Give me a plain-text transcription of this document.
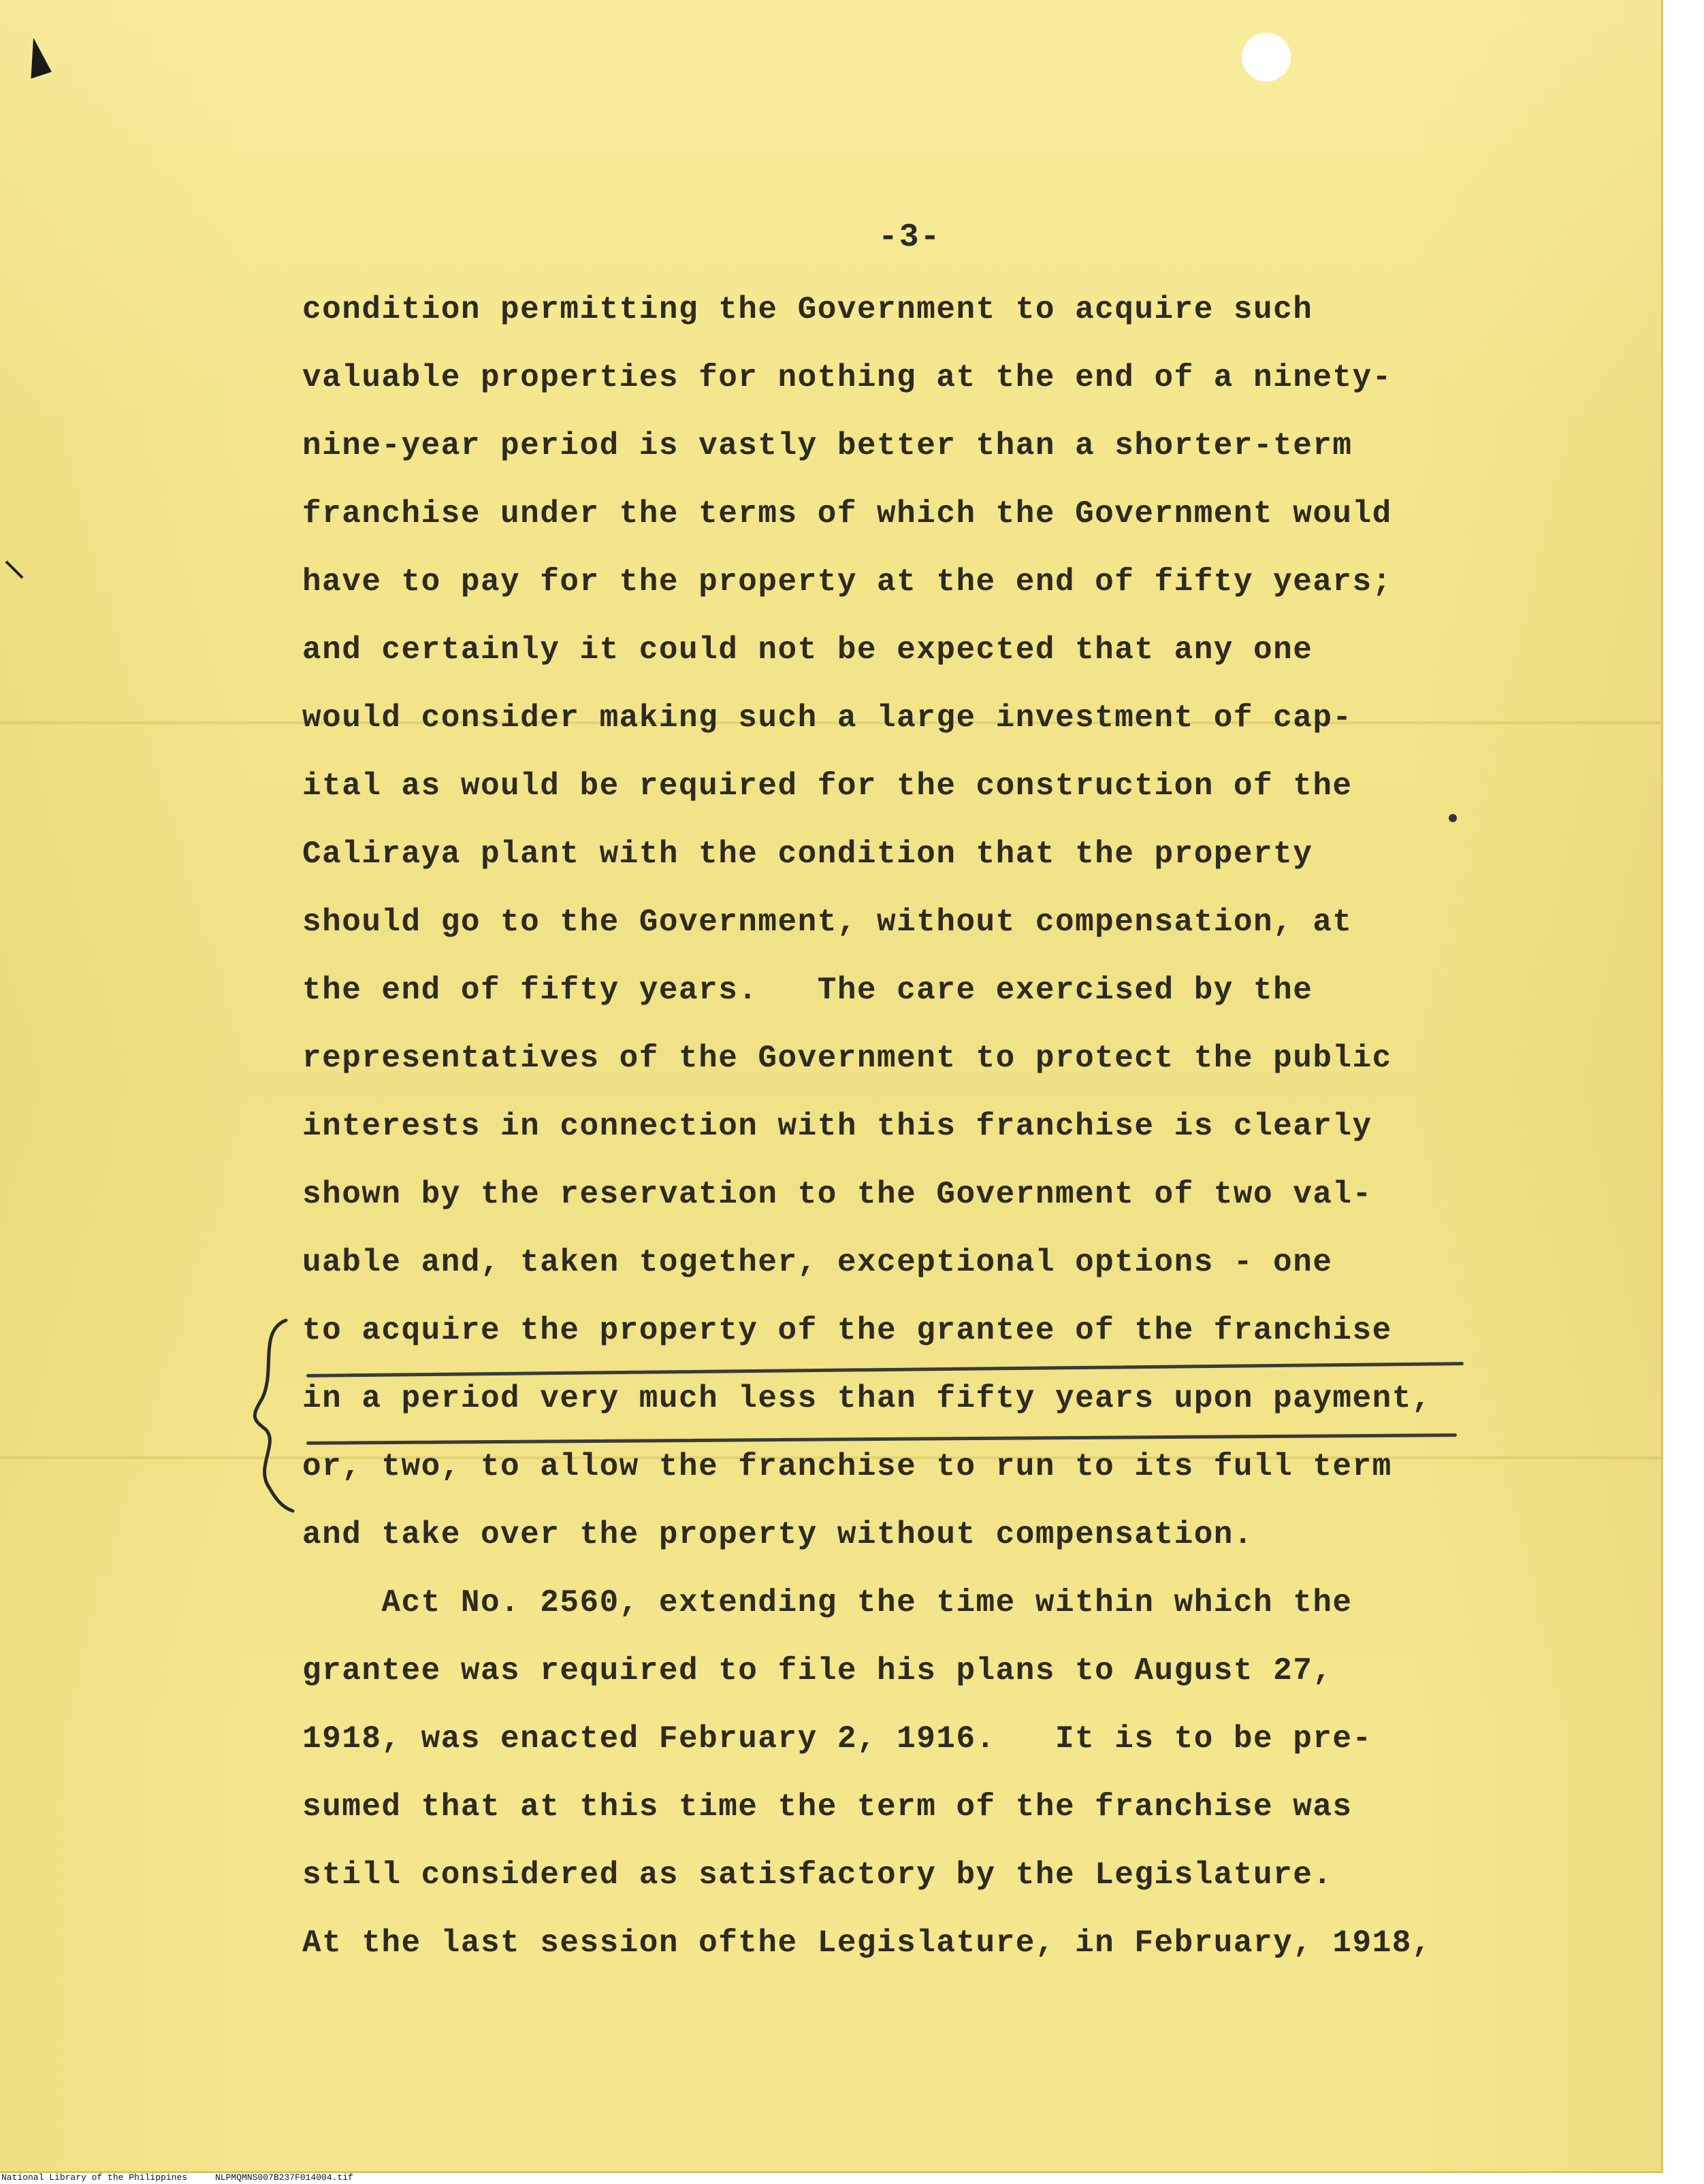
-3-
condition permitting the Government to acquire such
valuable properties for nothing at the end of a ninety-
nine-year period is vastly better than a shorter-term
franchise under the terms of which the Government would
have to pay for the property at the end of fifty years;
and certainly it could not be expected that any one
would consider making such a large investment of cap-
ital as would be required for the construction of the
Caliraya plant with the condition that the property
should go to the Government, without compensation, at
the end of fifty years.   The care exercised by the
representatives of the Government to protect the public
interests in connection with this franchise is clearly
shown by the reservation to the Government of two val-
uable and, taken together, exceptional options - one
to acquire the property of the grantee of the franchise
in a period very much less than fifty years upon payment,
or, two, to allow the franchise to run to its full term
and take over the property without compensation.
Act No. 2560, extending the time within which the
grantee was required to file his plans to August 27,
1918, was enacted February 2, 1916.   It is to be pre-
sumed that at this time the term of the franchise was
still considered as satisfactory by the Legislature.
At the last session ofthe Legislature, in February, 1918,
National Library of the Philippines	NLPMQMNS007B237F014004.tif
